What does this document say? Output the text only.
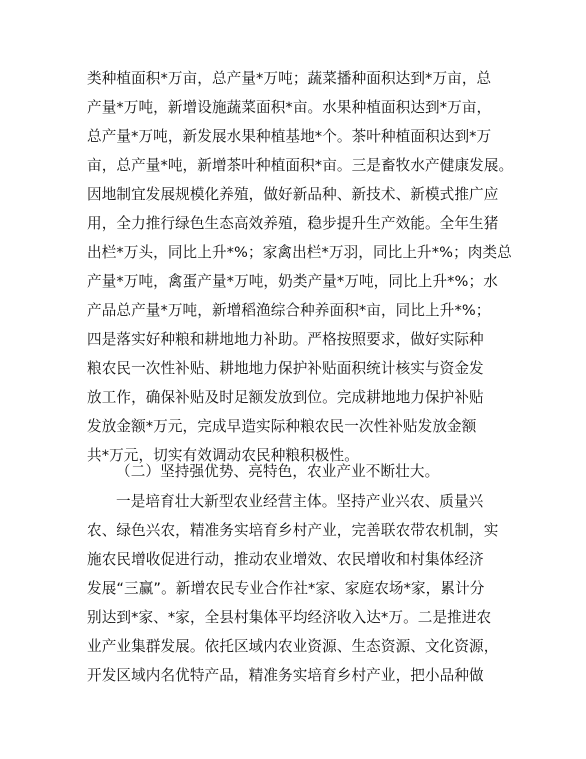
类种植面积*万亩，总产量*万吨；蔬菜播种面积达到*万亩，总
产量*万吨，新增设施蔬菜面积*亩。水果种植面积达到*万亩，
总产量*万吨，新发展水果种植基地*个。茶叶种植面积达到*万
亩，总产量*吨，新增茶叶种植面积*亩。三是畜牧水产健康发展。
因地制宜发展规模化养殖，做好新品种、新技术、新模式推广应
用，全力推行绿色生态高效养殖，稳步提升生产效能。全年生猪
出栏*万头，同比上升*%；家禽出栏*万羽，同比上升*%；肉类总
产量*万吨，禽蛋产量*万吨，奶类产量*万吨，同比上升*%；水
产品总产量*万吨，新增稻渔综合种养面积*亩，同比上升*%；
四是落实好种粮和耕地地力补助。严格按照要求，做好实际种
粮农民一次性补贴、耕地地力保护补贴面积统计核实与资金发
放工作，确保补贴及时足额发放到位。完成耕地地力保护补贴
发放金额*万元，完成早造实际种粮农民一次性补贴发放金额
共*万元，切实有效调动农民种粮积极性。
（二）坚持强优势、亮特色，农业产业不断壮大。
一是培育壮大新型农业经营主体。坚持产业兴农、质量兴
农、绿色兴农，精准务实培育乡村产业，完善联农带农机制，实
施农民增收促进行动，推动农业增效、农民增收和村集体经济
发展“三赢”。新增农民专业合作社*家、家庭农场*家，累计分
别达到*家、*家，全县村集体平均经济收入达*万。二是推进农
业产业集群发展。依托区域内农业资源、生态资源、文化资源，
开发区域内名优特产品，精准务实培育乡村产业，把小品种做
